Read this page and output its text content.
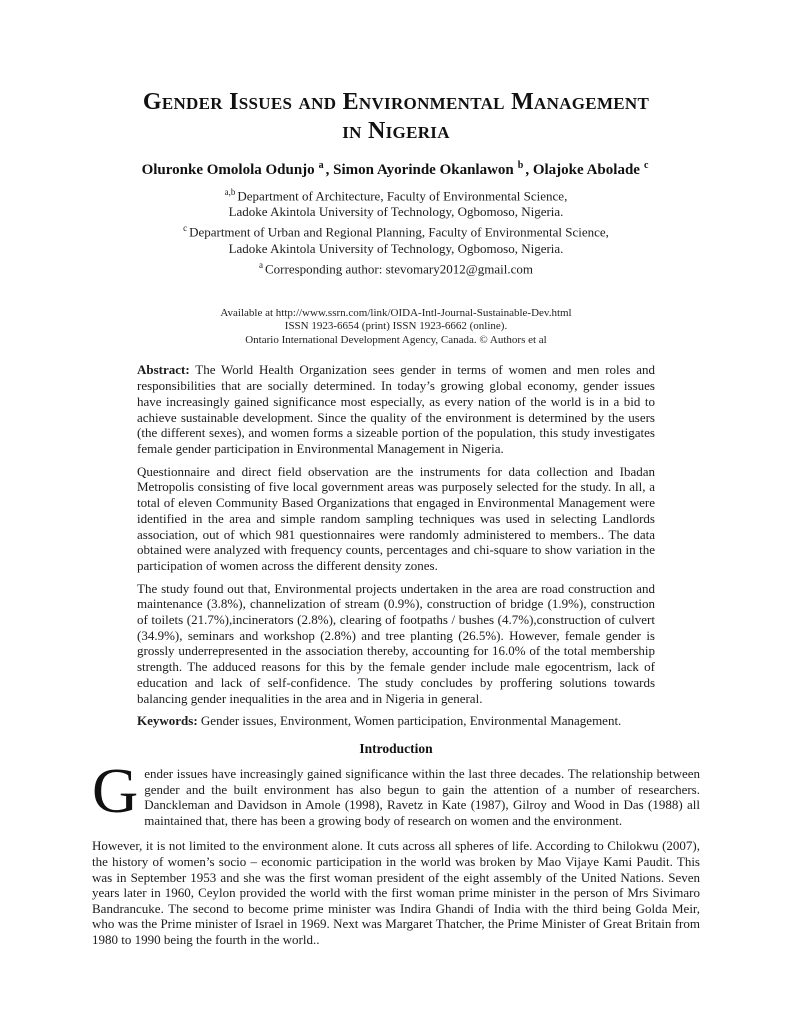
Gender Issues and Environmental Management
in Nigeria
Oluronke Omolola Odunjo $^a$ , Simon Ayorinde Okanlawon $^b$ , Olajoke Abolade $^c$
$^{a,b}$ Department of Architecture, Faculty of Environmental Science,
Ladoke Akintola University of Technology, Ogbomoso, Nigeria.
$^c$ Department of Urban and Regional Planning, Faculty of Environmental Science,
Ladoke Akintola University of Technology, Ogbomoso, Nigeria.
$^a$ Corresponding author: stevomary2012@gmail.com
Available at http://www.ssrn.com/link/OIDA-Intl-Journal-Sustainable-Dev.html
ISSN 1923-6654 (print) ISSN 1923-6662 (online).
Ontario International Development Agency, Canada. © Authors et al

Abstract: The World Health Organization sees gender in terms of women and men roles and responsibilities that are socially determined. In today’s growing global economy, gender issues have increasingly gained significance most especially, as every nation of the world is in a bid to achieve sustainable development. Since the quality of the environment is determined by the users (the different sexes), and women forms a sizeable portion of the population, this study investigates female gender participation in Environmental Management in Nigeria.

Questionnaire and direct field observation are the instruments for data collection and Ibadan Metropolis consisting of five local government areas was purposely selected for the study. In all, a total of eleven Community Based Organizations that engaged in Environmental Management were identified in the area and simple random sampling techniques was used in selecting Landlords association, out of which 981 questionnaires were randomly administered to members.. The data obtained were analyzed with frequency counts, percentages and chi-square to show variation in the participation of women across the different density zones.

The study found out that, Environmental projects undertaken in the area are road construction and maintenance (3.8%), channelization of stream (0.9%), construction of bridge (1.9%), construction of toilets (21.7%),incinerators (2.8%), clearing of footpaths / bushes (4.7%),construction of culvert (34.9%), seminars and workshop (2.8%) and tree planting (26.5%). However, female gender is grossly underrepresented in the association thereby, accounting for 16.0% of the total membership strength. The adduced reasons for this by the female gender include male egocentrism, lack of education and lack of self-confidence. The study concludes by proffering solutions towards balancing gender inequalities in the area and in Nigeria in general.

Keywords: Gender issues, Environment, Women participation, Environmental Management.

Introduction

Gender issues have increasingly gained significance within the last three decades. The relationship between gender and the built environment has also begun to gain the attention of a number of researchers. Danckleman and Davidson in Amole (1998), Ravetz in Kate (1987), Gilroy and Wood in Das (1988) all maintained that, there has been a growing body of research on women and the environment.

However, it is not limited to the environment alone. It cuts across all spheres of life. According to Chilokwu (2007), the history of women’s socio – economic participation in the world was broken by Mao Vijaye Kami Paudit. This was in September 1953 and she was the first woman president of the eight assembly of the United Nations. Seven years later in 1960, Ceylon provided the world with the first woman prime minister in the person of Mrs Sivimaro Bandrancuke. The second to become prime minister was Indira Ghandi of India with the third being Golda Meir, who was the Prime minister of Israel in 1969. Next was Margaret Thatcher, the Prime Minister of Great Britain from 1980 to 1990 being the fourth in the world..
